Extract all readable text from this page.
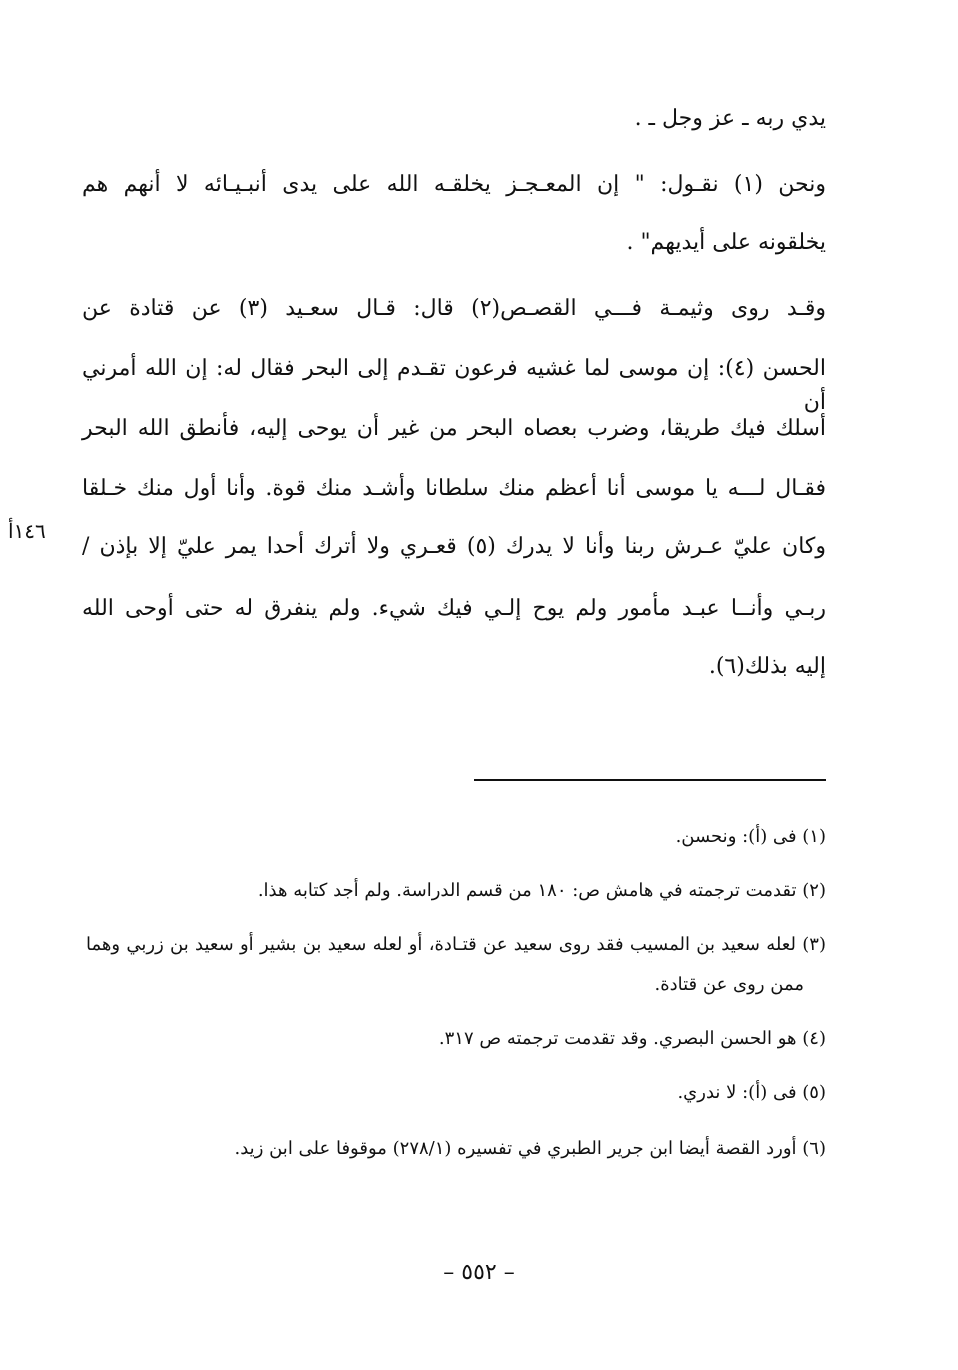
يدي ربه ـ عز وجل ـ .
ونحن (١) نقـول: " إن المعـجـز يخلقـه الله على يدى أنبـيـائه لا أنهم هم
يخلقونه على أيديهم" .
وقـد روى وثيمـة فـــي القصـص(٢) قال: قـال سعـيد (٣) عن قتادة عن
الحسن (٤): إن موسى لما غشيه فرعون تقـدم إلى البحر فقال له: إن الله أمرني أن
أسلك فيك طريقا، وضرب بعصاه البحر من غير أن يوحى إليه، فأنطق الله البحر
فقـال لـــه يا موسى أنا أعظم منك سلطانا وأشـد منك قوة. وأنا أول منك خـلقا
وكان عليّ عـرش ربنا وأنا لا يدرك (٥) قعـري ولا أترك أحدا يمر عليّ إلا بإذن /
ربـي وأنــا عبـد مأمور ولم يوح إلـي فيك شيء. ولم ينفرق له حتى أوحى الله
إليه بذلك(٦).
١٤٦أ
(١) فى (أ): ونحسن.
(٢) تقدمت ترجمته في هامش ص: ١٨٠ من قسم الدراسة. ولم أجد كتابه هذا.
(٣) لعله سعيد بن المسيب فقد روى سعيد عن قتـادة، أو لعله سعيد بن بشير أو سعيد بن زربي وهما
ممن روى عن قتادة.
(٤) هو الحسن البصري. وقد تقدمت ترجمته ص ٣١٧.
(٥) فى (أ): لا ندري.
(٦) أورد القصة أيضا ابن جرير الطبري في تفسيره (٢٧٨/١) موقوفا على ابن زيد.
– ٥٥٢ –
